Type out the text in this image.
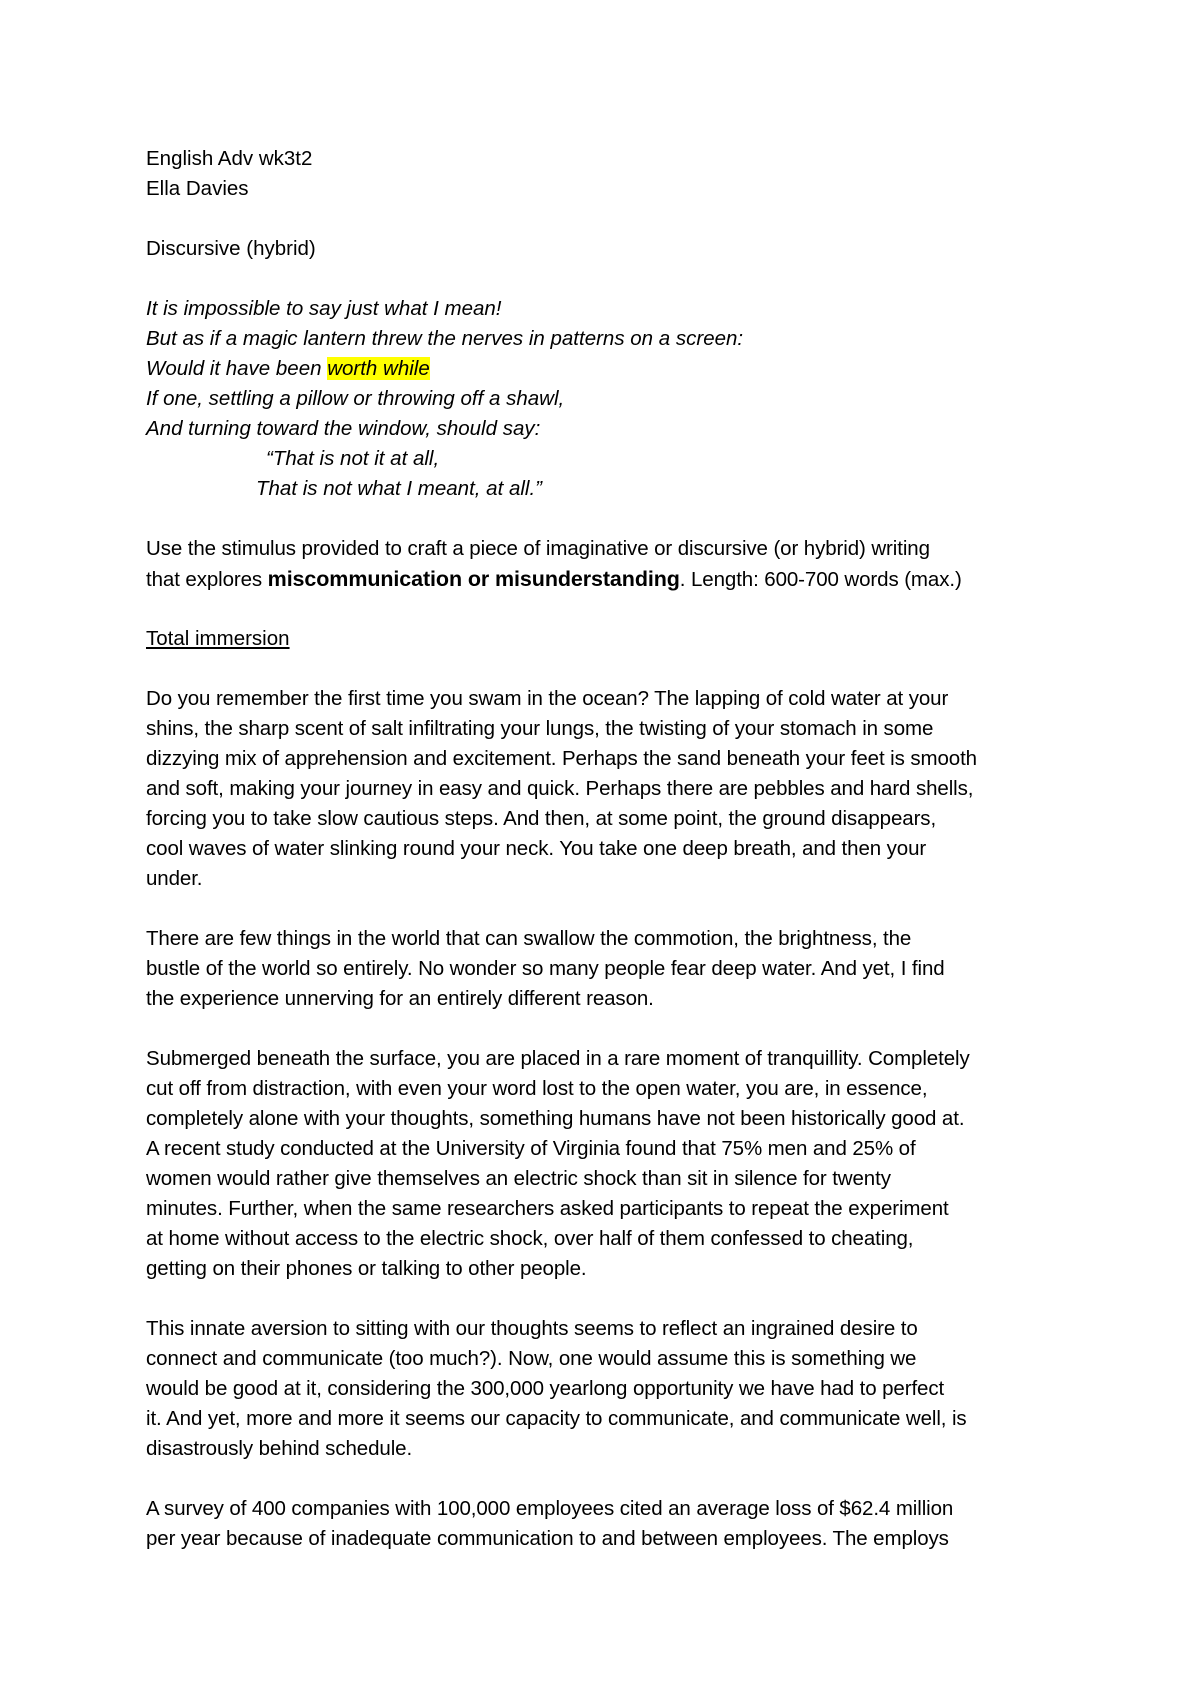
English Adv wk3t2
Ella Davies
Discursive (hybrid)
It is impossible to say just what I mean!
But as if a magic lantern threw the nerves in patterns on a screen:
Would it have been worth while
If one, settling a pillow or throwing off a shawl,
And turning toward the window, should say:
“That is not it at all,
That is not what I meant, at all.”
Use the stimulus provided to craft a piece of imaginative or discursive (or hybrid) writing
that explores miscommunication or misunderstanding. Length: 600-700 words (max.)
Total immersion
Do you remember the first time you swam in the ocean? The lapping of cold water at your
shins, the sharp scent of salt infiltrating your lungs, the twisting of your stomach in some
dizzying mix of apprehension and excitement. Perhaps the sand beneath your feet is smooth
and soft, making your journey in easy and quick. Perhaps there are pebbles and hard shells,
forcing you to take slow cautious steps. And then, at some point, the ground disappears,
cool waves of water slinking round your neck. You take one deep breath, and then your
under.
There are few things in the world that can swallow the commotion, the brightness, the
bustle of the world so entirely. No wonder so many people fear deep water. And yet, I find
the experience unnerving for an entirely different reason.
Submerged beneath the surface, you are placed in a rare moment of tranquillity. Completely
cut off from distraction, with even your word lost to the open water, you are, in essence,
completely alone with your thoughts, something humans have not been historically good at.
A recent study conducted at the University of Virginia found that 75% men and 25% of
women would rather give themselves an electric shock than sit in silence for twenty
minutes. Further, when the same researchers asked participants to repeat the experiment
at home without access to the electric shock, over half of them confessed to cheating,
getting on their phones or talking to other people.
This innate aversion to sitting with our thoughts seems to reflect an ingrained desire to
connect and communicate (too much?). Now, one would assume this is something we
would be good at it, considering the 300,000 yearlong opportunity we have had to perfect
it. And yet, more and more it seems our capacity to communicate, and communicate well, is
disastrously behind schedule.
A survey of 400 companies with 100,000 employees cited an average loss of $62.4 million
per year because of inadequate communication to and between employees. The employs
